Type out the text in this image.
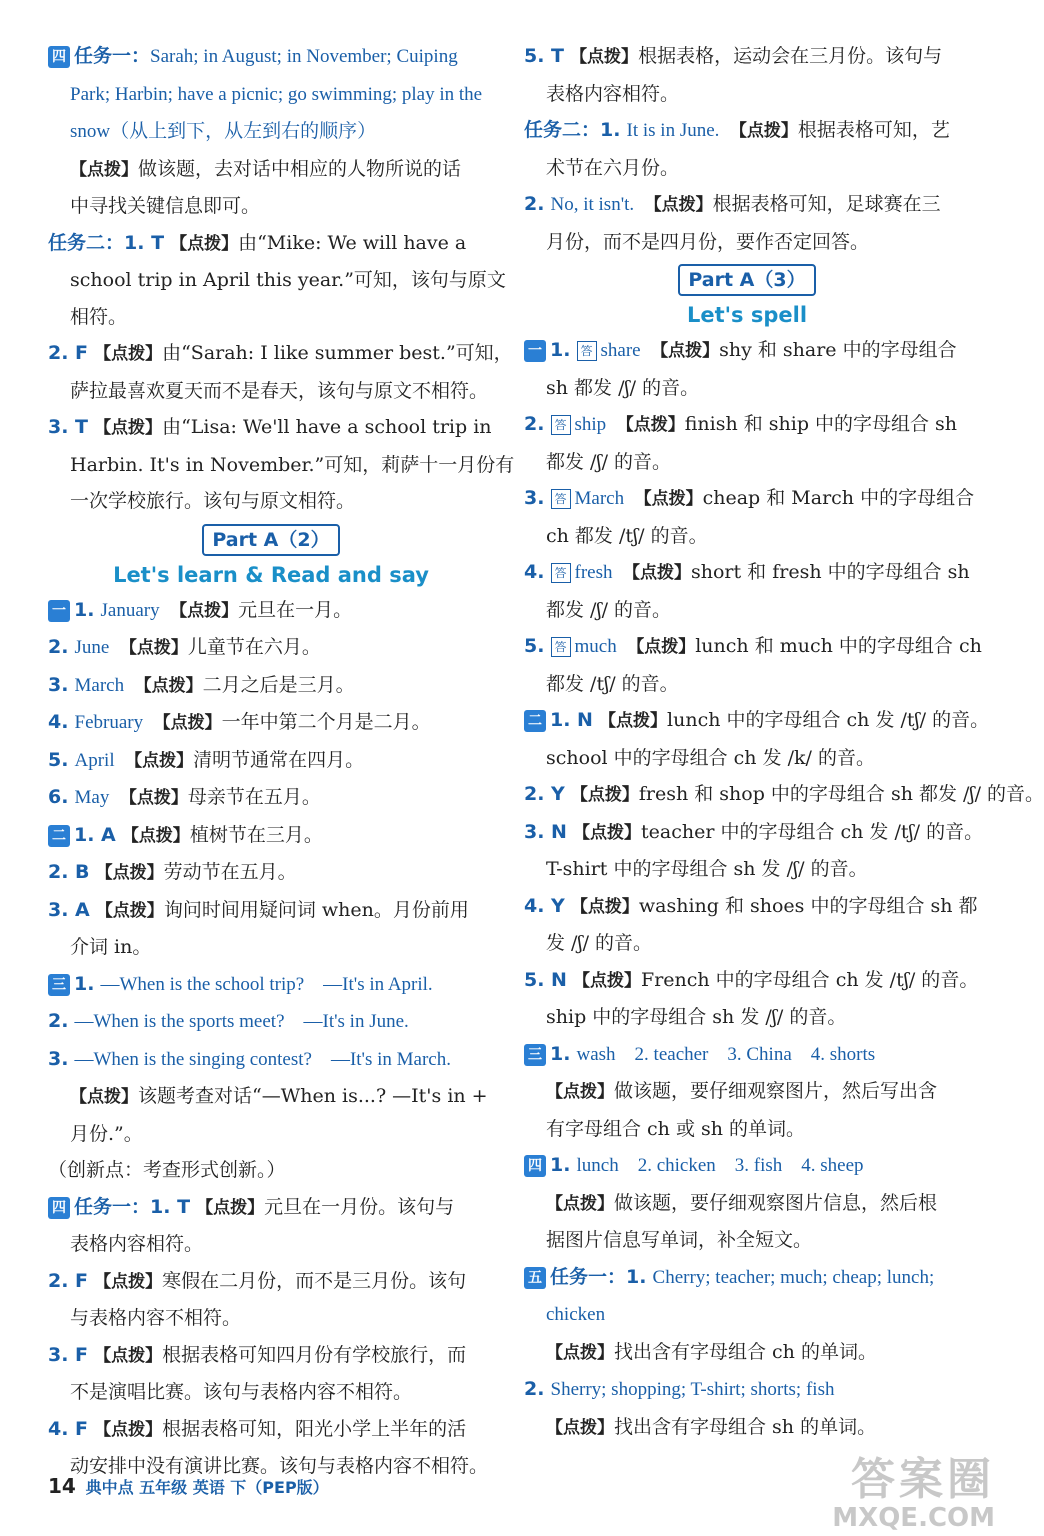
四 任务一：Sarah; in August; in November; Cuiping　
Park; Harbin; have a picnic; go swimming; play in the　
snow（从上到下，从左到右的顺序）　
【点拨】做该题，去对话中相应的人物所说的话
中寻找关键信息即可。
任务二：1. T 【点拨】由“Mike: We will have a
school trip in April this year.”可知，该句与原文
相符。
2. F 【点拨】由“Sarah: I like summer best.”可知，
萨拉最喜欢夏天而不是春天，该句与原文不相符。
3. T 【点拨】由“Lisa: We'll have a school trip in
Harbin. It's in November.”可知，莉萨十一月份有
一次学校旅行。该句与原文相符。
Part A（2）
Let's learn & Read and say
一 1. January　 【点拨】元旦在一月。
2. June　 【点拨】儿童节在六月。
3. March　 【点拨】二月之后是三月。
4. February　 【点拨】一年中第二个月是二月。
5. April　 【点拨】清明节通常在四月。
6. May　 【点拨】母亲节在五月。
二 1. A 【点拨】植树节在三月。
2. B 【点拨】劳动节在五月。
3. A 【点拨】询问时间用疑问词 when。月份前用
介词 in。
三 1. —When is the school trip?　—It's in April.　
2. —When is the sports meet?　—It's in June.　
3. —When is the singing contest?　—It's in March.　
【点拨】该题考查对话“—When is...? —It's in +
月份.”。
（创新点：考查形式创新。）
四 任务一：1. T 【点拨】元旦在一月份。该句与
表格内容相符。
2. F 【点拨】寒假在二月份，而不是三月份。该句
与表格内容不相符。
3. F 【点拨】根据表格可知四月份有学校旅行，而
不是演唱比赛。该句与表格内容不相符。
4. F 【点拨】根据表格可知，阳光小学上半年的活
动安排中没有演讲比赛。该句与表格内容不相符。
5. T 【点拨】根据表格，运动会在三月份。该句与
表格内容相符。
任务二：1. It is in June.　 【点拨】根据表格可知，艺
术节在六月份。
2. No, it isn't.　 【点拨】根据表格可知，足球赛在三
月份，而不是四月份，要作否定回答。
Part A（3）
Let's spell
一 1. 答 share　 【点拨】shy 和 share 中的字母组合
sh 都发 /ʃ/ 的音。
2. 答 ship　 【点拨】finish 和 ship 中的字母组合 sh
都发 /ʃ/ 的音。
3. 答 March　 【点拨】cheap 和 March 中的字母组合
ch 都发 /tʃ/ 的音。
4. 答 fresh　 【点拨】short 和 fresh 中的字母组合 sh
都发 /ʃ/ 的音。
5. 答 much　 【点拨】lunch 和 much 中的字母组合 ch
都发 /tʃ/ 的音。
二 1. N 【点拨】lunch 中的字母组合 ch 发 /tʃ/ 的音。
school 中的字母组合 ch 发 /k/ 的音。
2. Y 【点拨】fresh 和 shop 中的字母组合 sh 都发 /ʃ/ 的音。
3. N 【点拨】teacher 中的字母组合 ch 发 /tʃ/ 的音。
T-shirt 中的字母组合 sh 发 /ʃ/ 的音。
4. Y 【点拨】washing 和 shoes 中的字母组合 sh 都
发 /ʃ/ 的音。
5. N 【点拨】French 中的字母组合 ch 发 /tʃ/ 的音。
ship 中的字母组合 sh 发 /ʃ/ 的音。
三 1. wash　2. teacher　3. China　4. shorts　
【点拨】做该题，要仔细观察图片，然后写出含
有字母组合 ch 或 sh 的单词。
四 1. lunch　2. chicken　3. fish　4. sheep　
【点拨】做该题，要仔细观察图片信息，然后根
据图片信息写单词，补全短文。
五 任务一：1. Cherry; teacher; much; cheap; lunch;　
chicken　
【点拨】找出含有字母组合 ch 的单词。
2. Sherry; shopping; T-shirt; shorts; fish　
【点拨】找出含有字母组合 sh 的单词。
14 典中点 五年级 英语 下（PEP版）	答案圈
MXQE.COM
